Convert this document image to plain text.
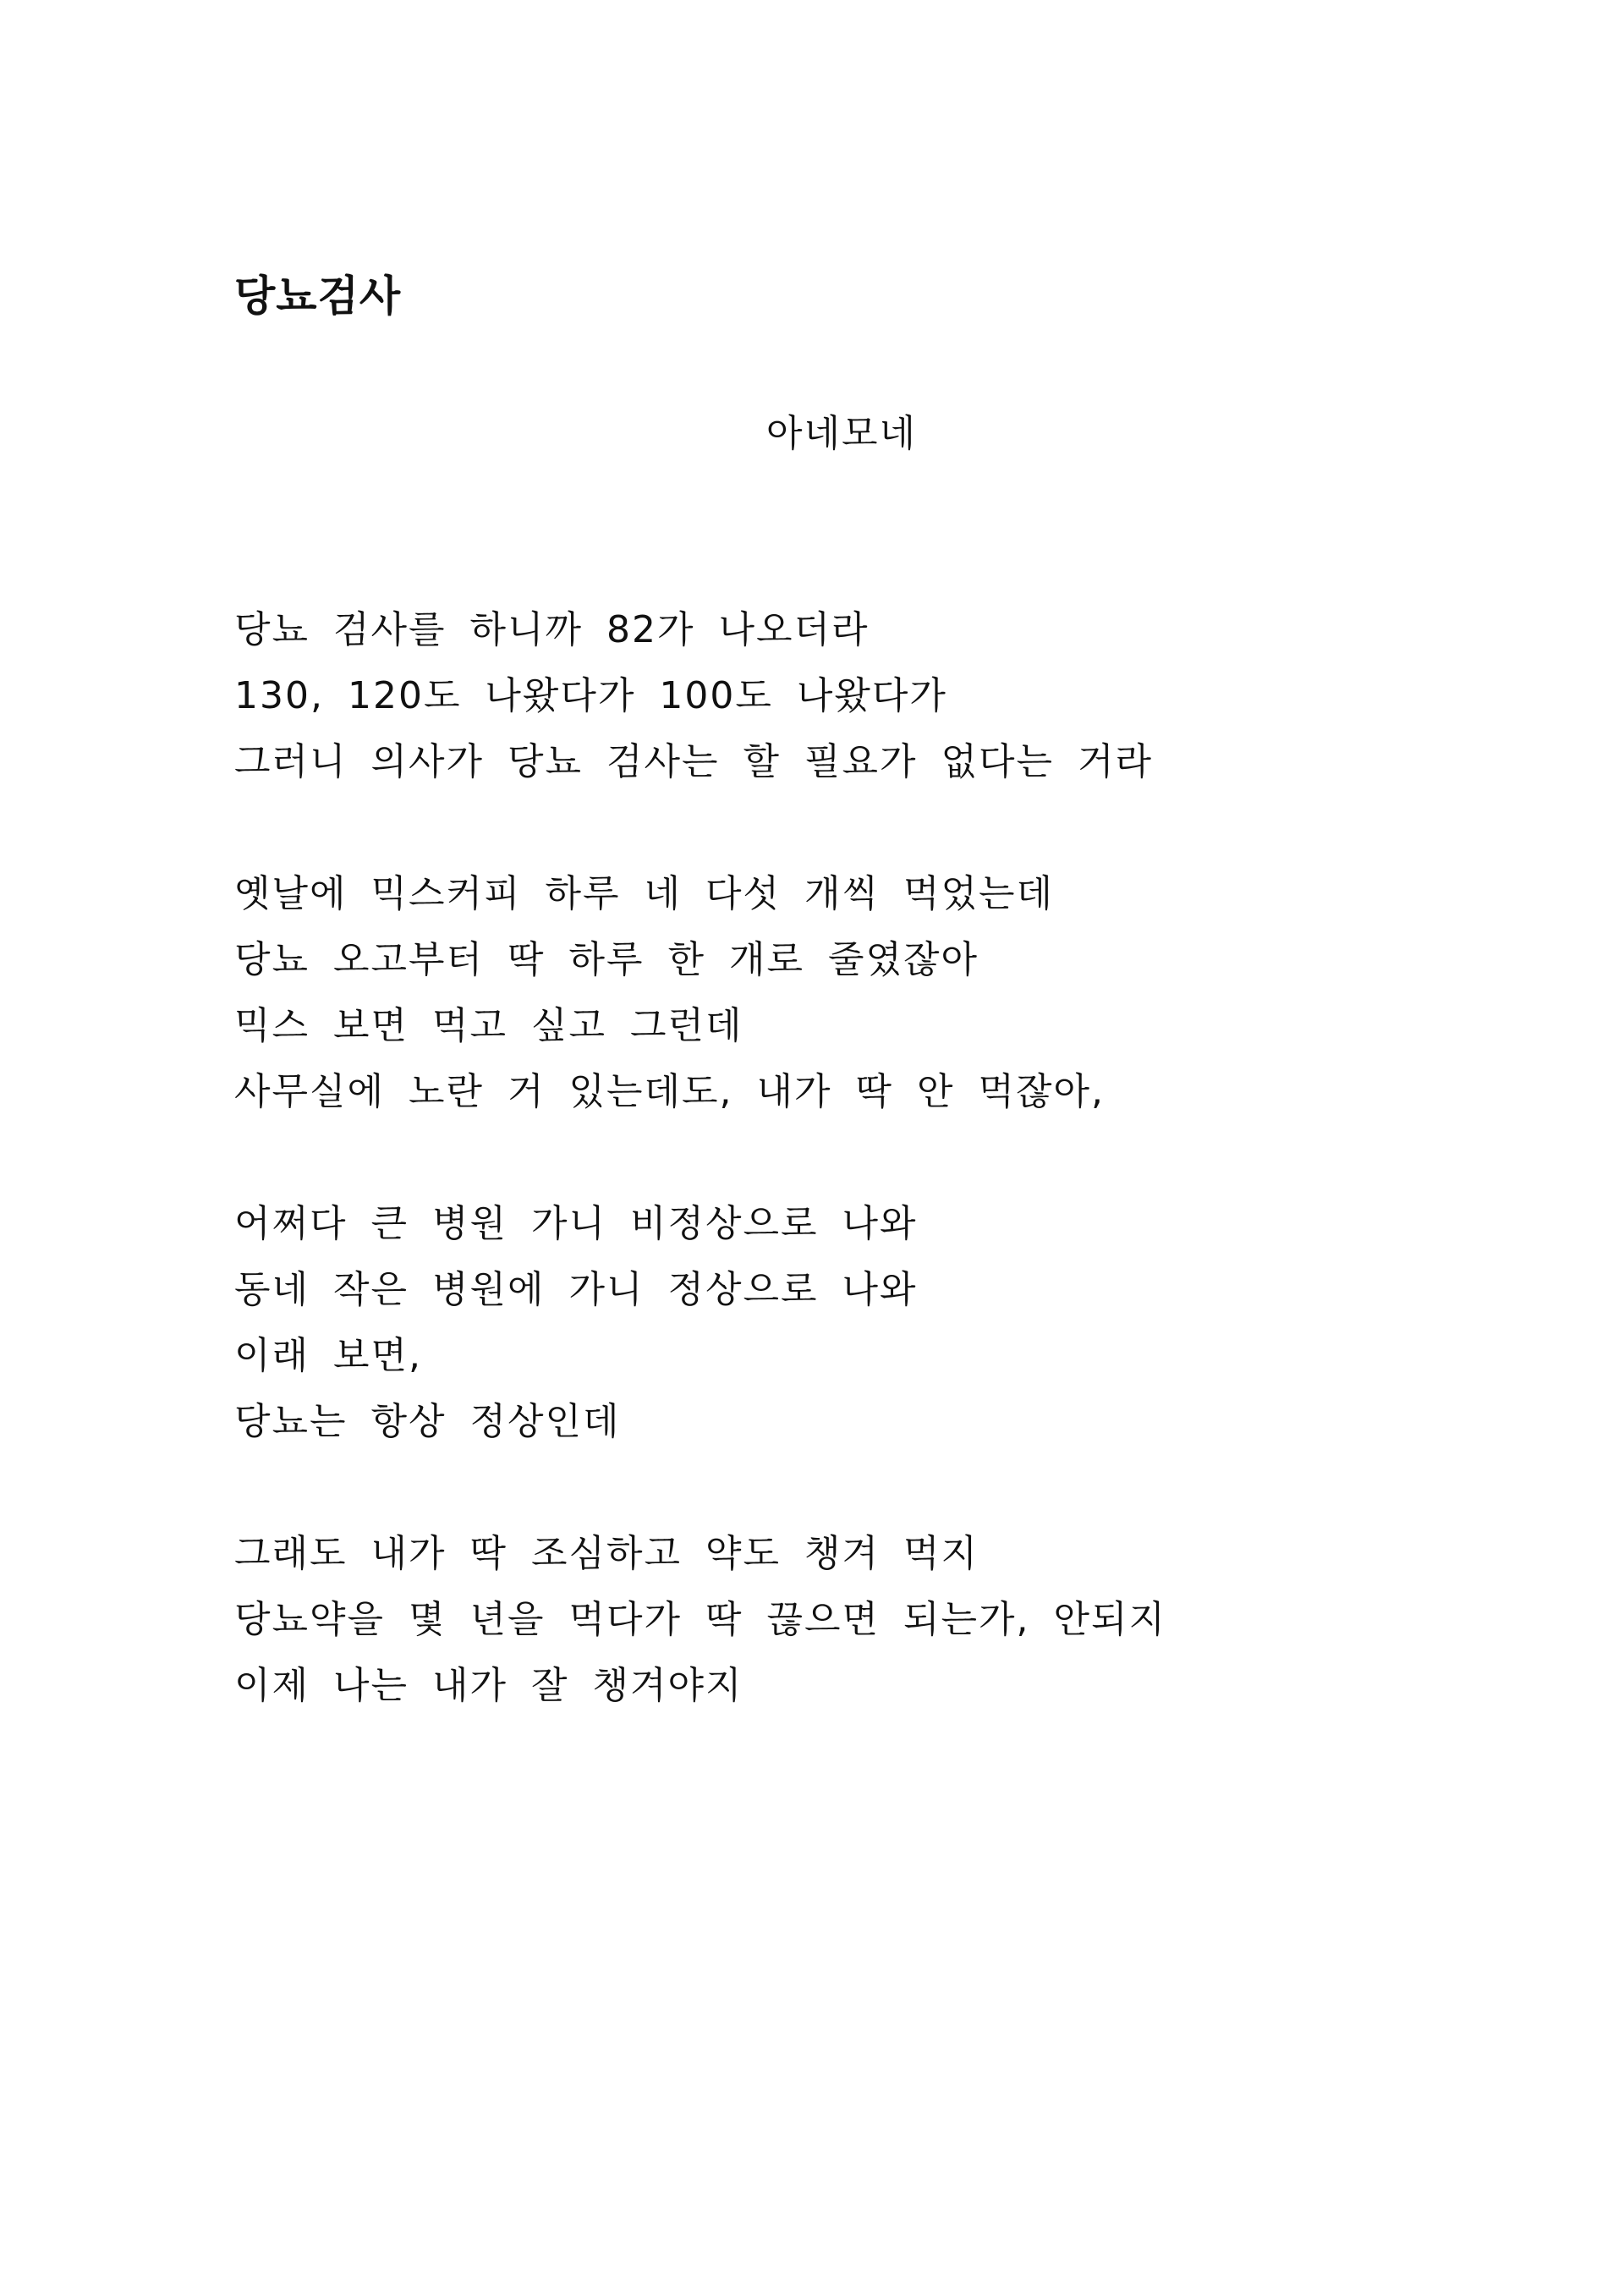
당뇨검사

아네모네

당뇨 검사를 하니까 82가 나오더라
130, 120도 나왔다가 100도 나왔다가
그러니 의사가 당뇨 검사는 할 필요가 없다는 거라
옛날에 믹스커피 하루 네 다섯 개씩 먹었는데
당뇨 오고부터 딱 하루 한 개로 줄였잖아
믹스 보면 먹고 싶고 그런데
사무실에 노란 거 있는데도, 내가 딱 안 먹잖아,
어쩌다 큰 병원 가니 비정상으로 나와
동네 작은 병원에 가니 정상으로 나와
이래 보면,
당뇨는 항상 정상인데
그래도 내가 딱 조심하고 약도 챙겨 먹지
당뇨약을 몇 년을 먹다가 딱 끊으면 되는가, 안되지
이제 나는 내가 잘 챙겨야지
